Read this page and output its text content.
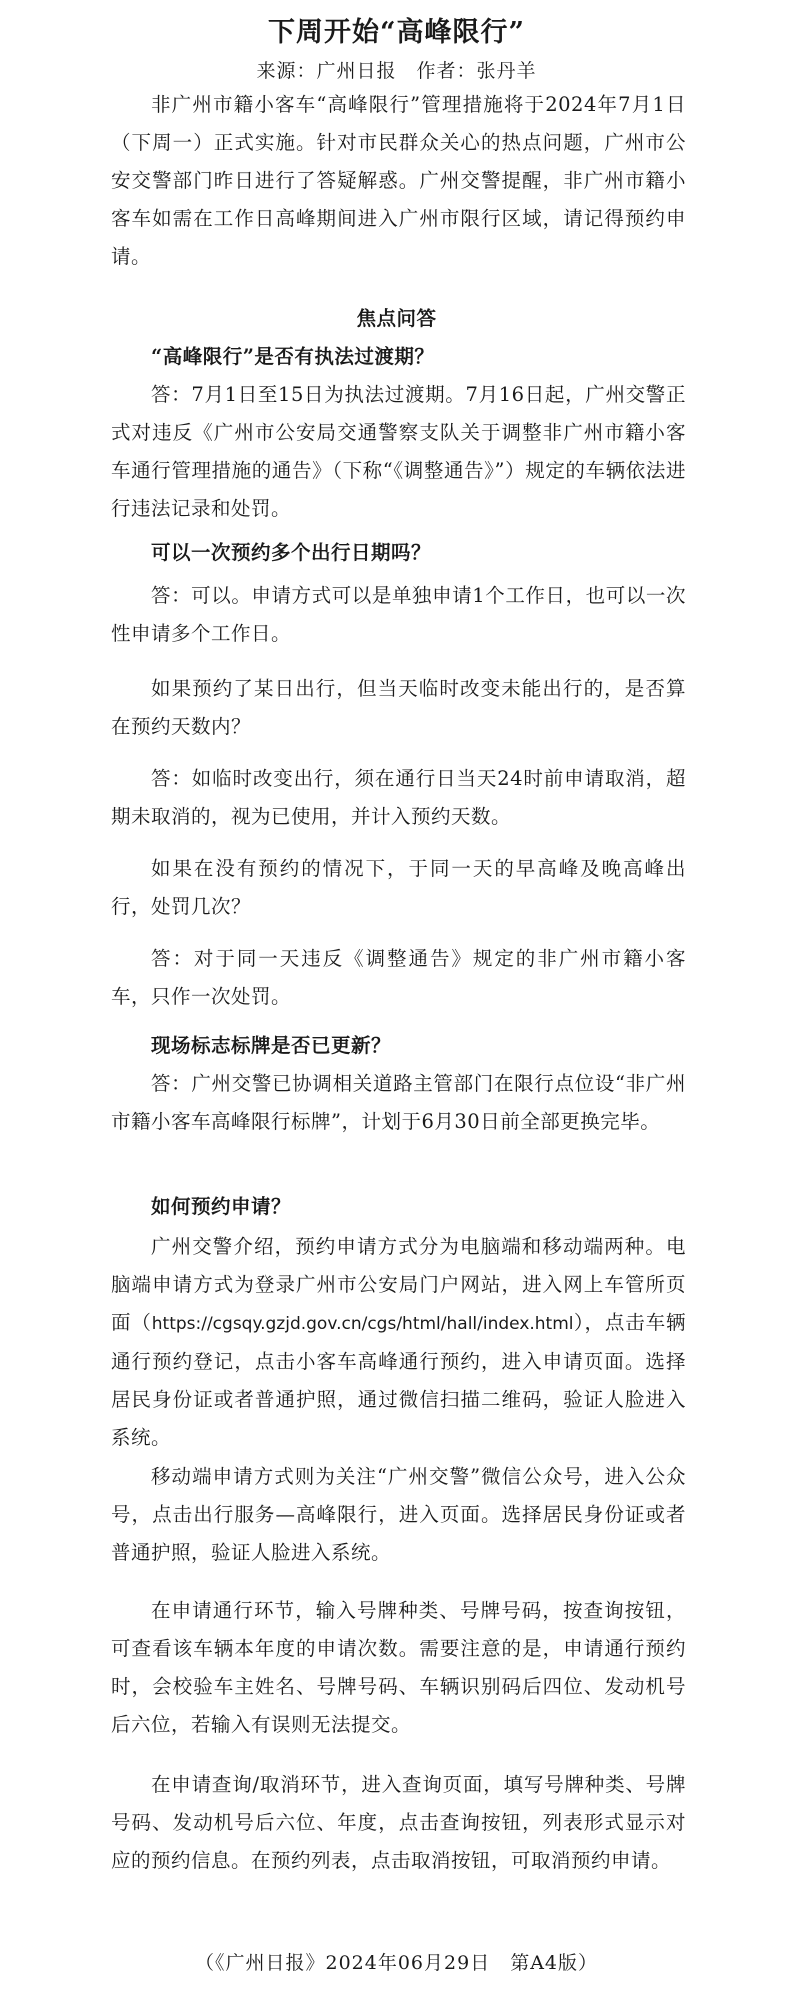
下周开始“高峰限行”
来源：广州日报　作者：张丹羊

非广州市籍小客车“高峰限行”管理措施将于2024年7月1日（下周一）正式实施。针对市民群众关心的热点问题，广州市公安交警部门昨日进行了答疑解惑。广州交警提醒，非广州市籍小客车如需在工作日高峰期间进入广州市限行区域，请记得预约申请。

焦点问答

“高峰限行”是否有执法过渡期？

答：7月1日至15日为执法过渡期。7月16日起，广州交警正式对违反《广州市公安局交通警察支队关于调整非广州市籍小客车通行管理措施的通告》（下称“《调整通告》”）规定的车辆依法进行违法记录和处罚。

可以一次预约多个出行日期吗？

答：可以。申请方式可以是单独申请1个工作日，也可以一次性申请多个工作日。

如果预约了某日出行，但当天临时改变未能出行的，是否算在预约天数内？

答：如临时改变出行，须在通行日当天24时前申请取消，超期未取消的，视为已使用，并计入预约天数。

如果在没有预约的情况下，于同一天的早高峰及晚高峰出行，处罚几次？

答：对于同一天违反《调整通告》规定的非广州市籍小客车，只作一次处罚。

现场标志标牌是否已更新？

答：广州交警已协调相关道路主管部门在限行点位设“非广州市籍小客车高峰限行标牌”，计划于6月30日前全部更换完毕。

如何预约申请？

广州交警介绍，预约申请方式分为电脑端和移动端两种。电脑端申请方式为登录广州市公安局门户网站，进入网上车管所页面（https://cgsqy.gzjd.gov.cn/cgs/html/hall/index.html），点击车辆通行预约登记，点击小客车高峰通行预约，进入申请页面。选择居民身份证或者普通护照，通过微信扫描二维码，验证人脸进入系统。

移动端申请方式则为关注“广州交警”微信公众号，进入公众号，点击出行服务—高峰限行，进入页面。选择居民身份证或者普通护照，验证人脸进入系统。

在申请通行环节，输入号牌种类、号牌号码，按查询按钮，可查看该车辆本年度的申请次数。需要注意的是，申请通行预约时，会校验车主姓名、号牌号码、车辆识别码后四位、发动机号后六位，若输入有误则无法提交。

在申请查询/取消环节，进入查询页面，填写号牌种类、号牌号码、发动机号后六位、年度，点击查询按钮，列表形式显示对应的预约信息。在预约列表，点击取消按钮，可取消预约申请。

（《广州日报》2024年06月29日　第A4版）
